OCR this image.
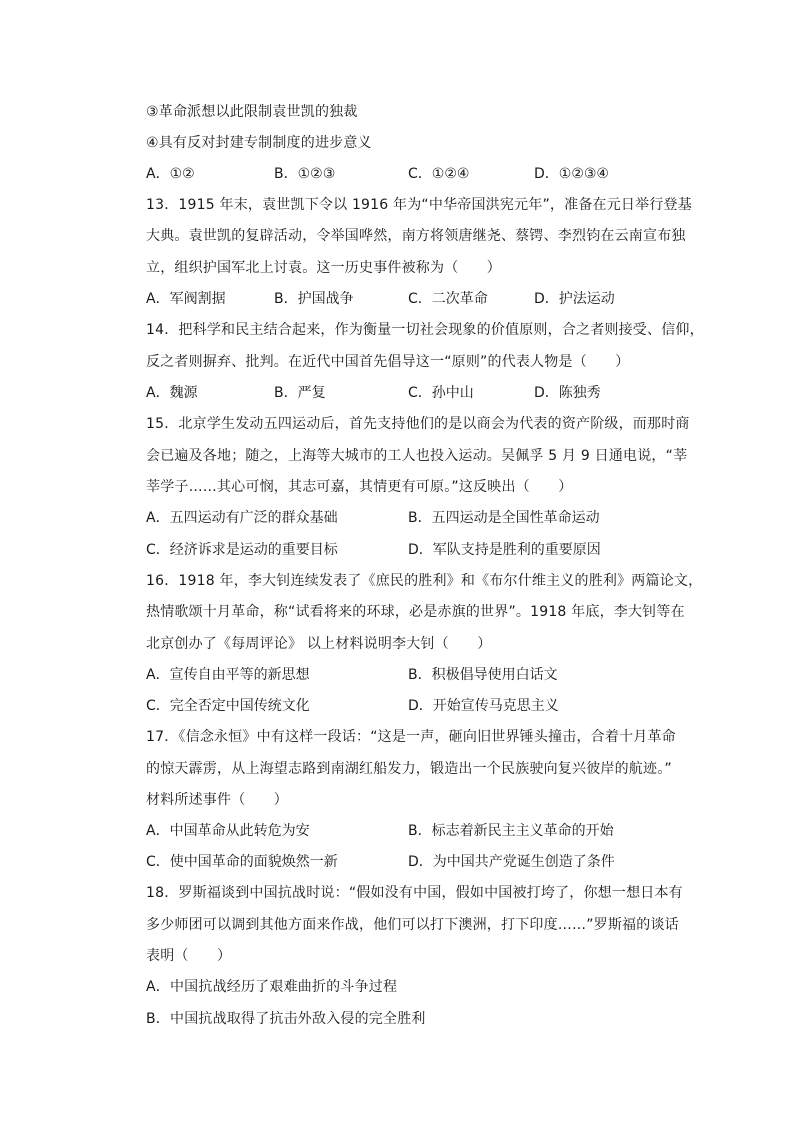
③革命派想以此限制袁世凯的独裁
④具有反对封建专制制度的进步意义
A．①②	B．①②③	C．①②④	D．①②③④
13．1915 年末，袁世凯下令以 1916 年为“中华帝国洪宪元年”，准备在元日举行登基
大典。袁世凯的复辟活动，令举国哗然，南方将领唐继尧、蔡锷、李烈钧在云南宣布独
立，组织护国军北上讨袁。这一历史事件被称为（　　）
A．军阀割据	B．护国战争	C．二次革命	D．护法运动
14．把科学和民主结合起来，作为衡量一切社会现象的价值原则，合之者则接受、信仰，
反之者则摒弃、批判。在近代中国首先倡导这一“原则”的代表人物是（　　）
A．魏源	B．严复	C．孙中山	D．陈独秀
15．北京学生发动五四运动后，首先支持他们的是以商会为代表的资产阶级，而那时商
会已遍及各地；随之，上海等大城市的工人也投入运动。吴佩孚 5 月 9 日通电说，“莘
莘学子……其心可悯，其志可嘉，其情更有可原。”这反映出（　　）
A．五四运动有广泛的群众基础	B．五四运动是全国性革命运动
C．经济诉求是运动的重要目标	D．军队支持是胜利的重要原因
16．1918 年，李大钊连续发表了《庶民的胜利》和《布尔什维主义的胜利》两篇论文，
热情歌颂十月革命，称“试看将来的环球，必是赤旗的世界”。1918 年底，李大钊等在
北京创办了《每周评论》 以上材料说明李大钊（　　）
A．宣传自由平等的新思想	B．积极倡导使用白话文
C．完全否定中国传统文化	D．开始宣传马克思主义
17．《信念永恒》中有这样一段话：“这是一声，砸向旧世界锤头撞击，合着十月革命
的惊天霹雳，从上海望志路到南湖红船发力，锻造出一个民族驶向复兴彼岸的航迹。”
材料所述事件（　　）
A．中国革命从此转危为安	B．标志着新民主主义革命的开始
C．使中国革命的面貌焕然一新	D．为中国共产党诞生创造了条件
18．罗斯福谈到中国抗战时说：“假如没有中国，假如中国被打垮了，你想一想日本有
多少师团可以调到其他方面来作战，他们可以打下澳洲，打下印度……”罗斯福的谈话
表明（　　）
A．中国抗战经历了艰难曲折的斗争过程
B．中国抗战取得了抗击外敌入侵的完全胜利
